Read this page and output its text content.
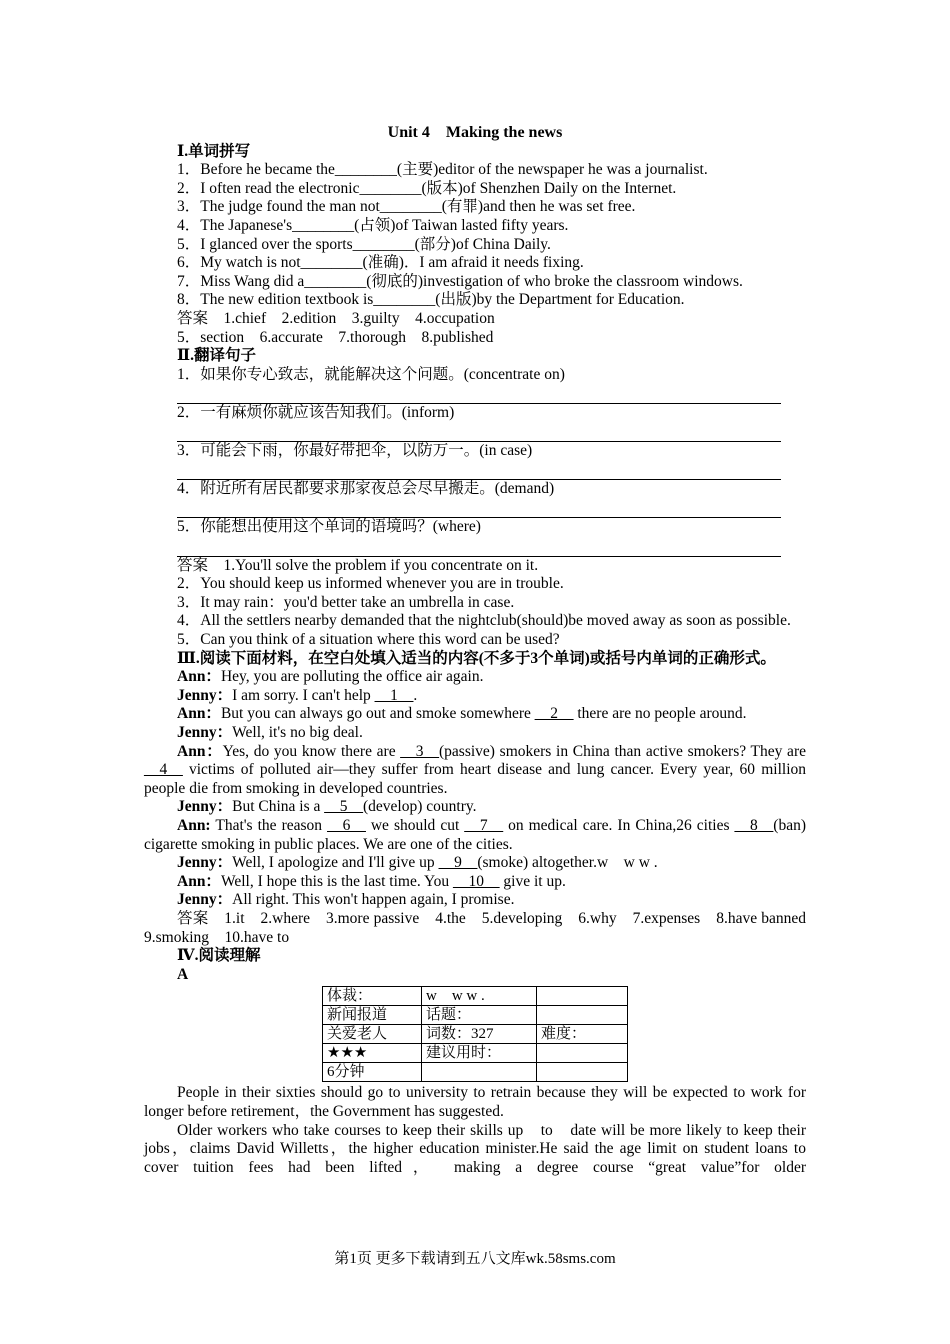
Unit 4　Making the news

Ⅰ.单词拼写

1．Before he became the________(主要)editor of the newspaper he was a journalist.

2．I often read the electronic________(版本)of Shenzhen Daily on the Internet.

3．The judge found the man not________(有罪)and then he was set free.

4．The Japanese's________(占领)of Taiwan lasted fifty years.

5．I glanced over the sports________(部分)of China Daily.

6．My watch is not________(准确)．I am afraid it needs fixing.

7．Miss Wang did a________(彻底的)investigation of who broke the classroom windows.

8．The new edition textbook is________(出版)by the Department for Education.

答案　1.chief　2.edition　3.guilty　4.occupation

5．section　6.accurate　7.thorough　8.published

Ⅱ.翻译句子

1．如果你专心致志，就能解决这个问题。(concentrate on)

2．一有麻烦你就应该告知我们。(inform)

3．可能会下雨，你最好带把伞，以防万一。(in case)

4．附近所有居民都要求那家夜总会尽早搬走。(demand)

5．你能想出使用这个单词的语境吗？(where)

答案　1.You'll solve the problem if you concentrate on it.

2．You should keep us informed whenever you are in trouble.

3．It may rain：you'd better take an umbrella in case.

4．All the settlers nearby demanded that the nightclub(should)be moved away as soon as possible.

5．Can you think of a situation where this word can be used?

Ⅲ.阅读下面材料，在空白处填入适当的内容(不多于3个单词)或括号内单词的正确形式。

Ann：Hey, you are polluting the office air again.

Jenny：I am sorry. I can't help __1__.

Ann：But you can always go out and smoke somewhere __2__ there are no people around.

Jenny：Well, it's no big deal.

Ann：Yes, do you know there are __3__(passive) smokers in China than active smokers? They are __4__ victims of polluted air—they suffer from heart disease and lung cancer. Every year, 60 million people die from smoking in developed countries.

Jenny：But China is a __5__(develop) country.

Ann: That's the reason __6__ we should cut __7__ on medical care. In China,26 cities __8__(ban) cigarette smoking in public places. We are one of the cities.

Jenny：Well, I apologize and I'll give up __9__(smoke) altogether.w　w w .

Ann：Well, I hope this is the last time. You __10__ give it up.

Jenny：All right. This won't happen again, I promise.

答案　1.it　2.where　3.more passive　4.the　5.developing　6.why　7.expenses　8.have banned　9.smoking　10.have to

Ⅳ.阅读理解

A

体裁：	w　w w .	
新闻报道	话题：	
关爱老人	词数：327	难度：
★★★	建议用时：	
6分钟		

People in their sixties should go to university to retrain because they will be expected to work for longer before retirement，the Government has suggested.

Older workers who take courses to keep their skills up　to　date will be more likely to keep their jobs，claims David Willetts，the higher education minister.He said the age limit on student loans to cover tuition fees had been lifted， making a degree course “great value”for older

第1页 更多下载请到五八文库wk.58sms.com
